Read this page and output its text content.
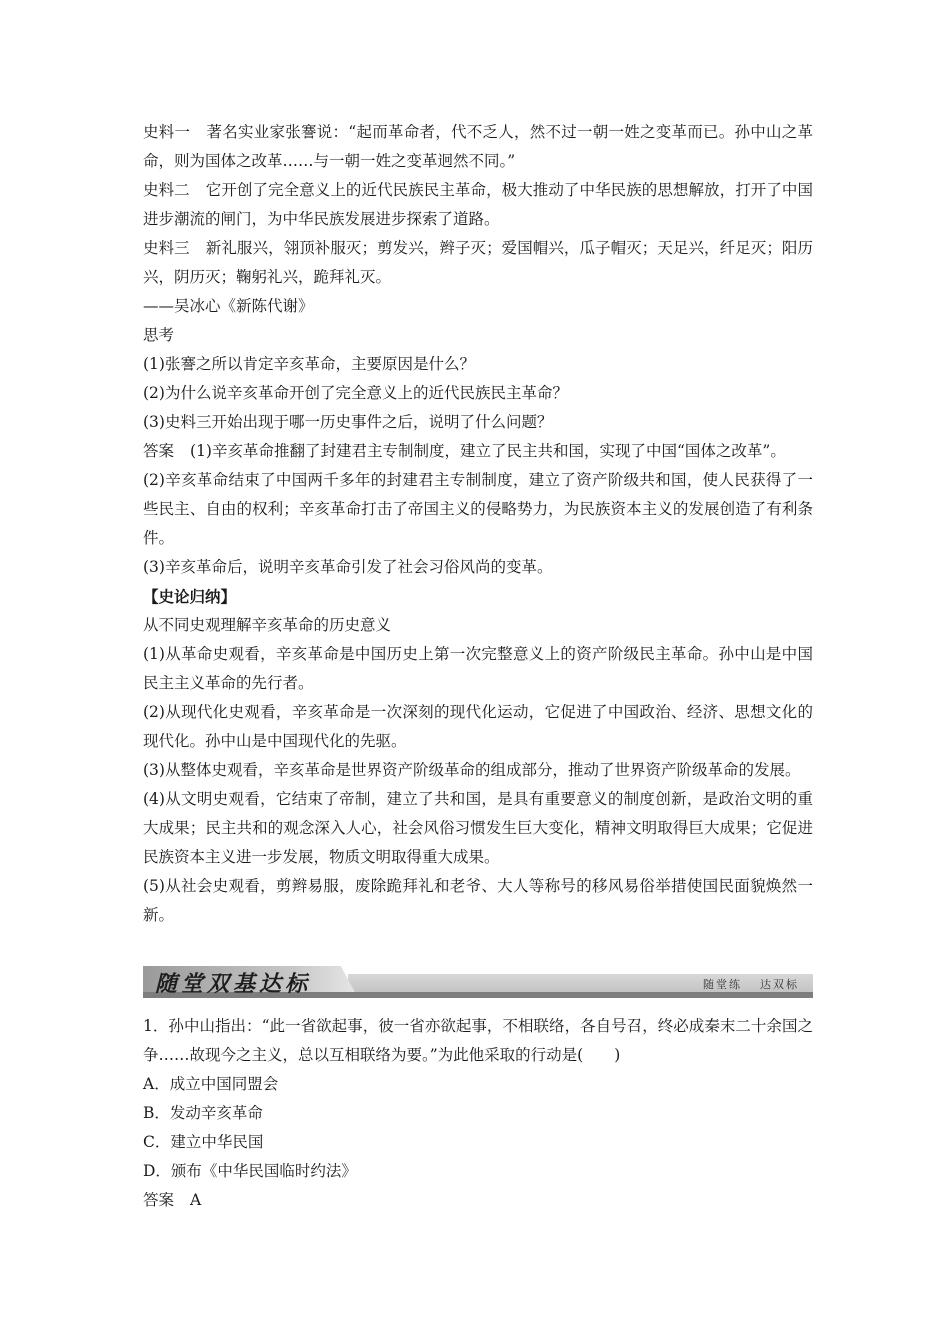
史料一 著名实业家张謇说：“起而革命者，代不乏人，然不过一朝一姓之变革而已。孙中山之革命，则为国体之改革……与一朝一姓之变革迥然不同。”

史料二 它开创了完全意义上的近代民族民主革命，极大推动了中华民族的思想解放，打开了中国进步潮流的闸门，为中华民族发展进步探索了道路。

史料三 新礼服兴，翎顶补服灭；剪发兴，辫子灭；爱国帽兴，瓜子帽灭；天足兴，纤足灭；阳历兴，阴历灭；鞠躬礼兴，跪拜礼灭。

——吴冰心《新陈代谢》

思考

(1)张謇之所以肯定辛亥革命，主要原因是什么？

(2)为什么说辛亥革命开创了完全意义上的近代民族民主革命？

(3)史料三开始出现于哪一历史事件之后，说明了什么问题？

答案 (1)辛亥革命推翻了封建君主专制制度，建立了民主共和国，实现了中国“国体之改革”。

(2)辛亥革命结束了中国两千多年的封建君主专制制度，建立了资产阶级共和国，使人民获得了一些民主、自由的权利；辛亥革命打击了帝国主义的侵略势力，为民族资本主义的发展创造了有利条件。

(3)辛亥革命后，说明辛亥革命引发了社会习俗风尚的变革。

【史论归纳】

从不同史观理解辛亥革命的历史意义

(1)从革命史观看，辛亥革命是中国历史上第一次完整意义上的资产阶级民主革命。孙中山是中国民主主义革命的先行者。

(2)从现代化史观看，辛亥革命是一次深刻的现代化运动，它促进了中国政治、经济、思想文化的现代化。孙中山是中国现代化的先驱。

(3)从整体史观看，辛亥革命是世界资产阶级革命的组成部分，推动了世界资产阶级革命的发展。

(4)从文明史观看，它结束了帝制，建立了共和国，是具有重要意义的制度创新，是政治文明的重大成果；民主共和的观念深入人心，社会风俗习惯发生巨大变化，精神文明取得巨大成果；它促进民族资本主义进一步发展，物质文明取得重大成果。

(5)从社会史观看，剪辫易服，废除跪拜礼和老爷、大人等称号的移风易俗举措使国民面貌焕然一新。

随堂双基达标	随堂练 达双标

1．孙中山指出：“此一省欲起事，彼一省亦欲起事，不相联络，各自号召，终必成秦末二十余国之争……故现今之主义，总以互相联络为要。”为此他采取的行动是(　　)

A．成立中国同盟会

B．发动辛亥革命

C．建立中华民国

D．颁布《中华民国临时约法》

答案 A
